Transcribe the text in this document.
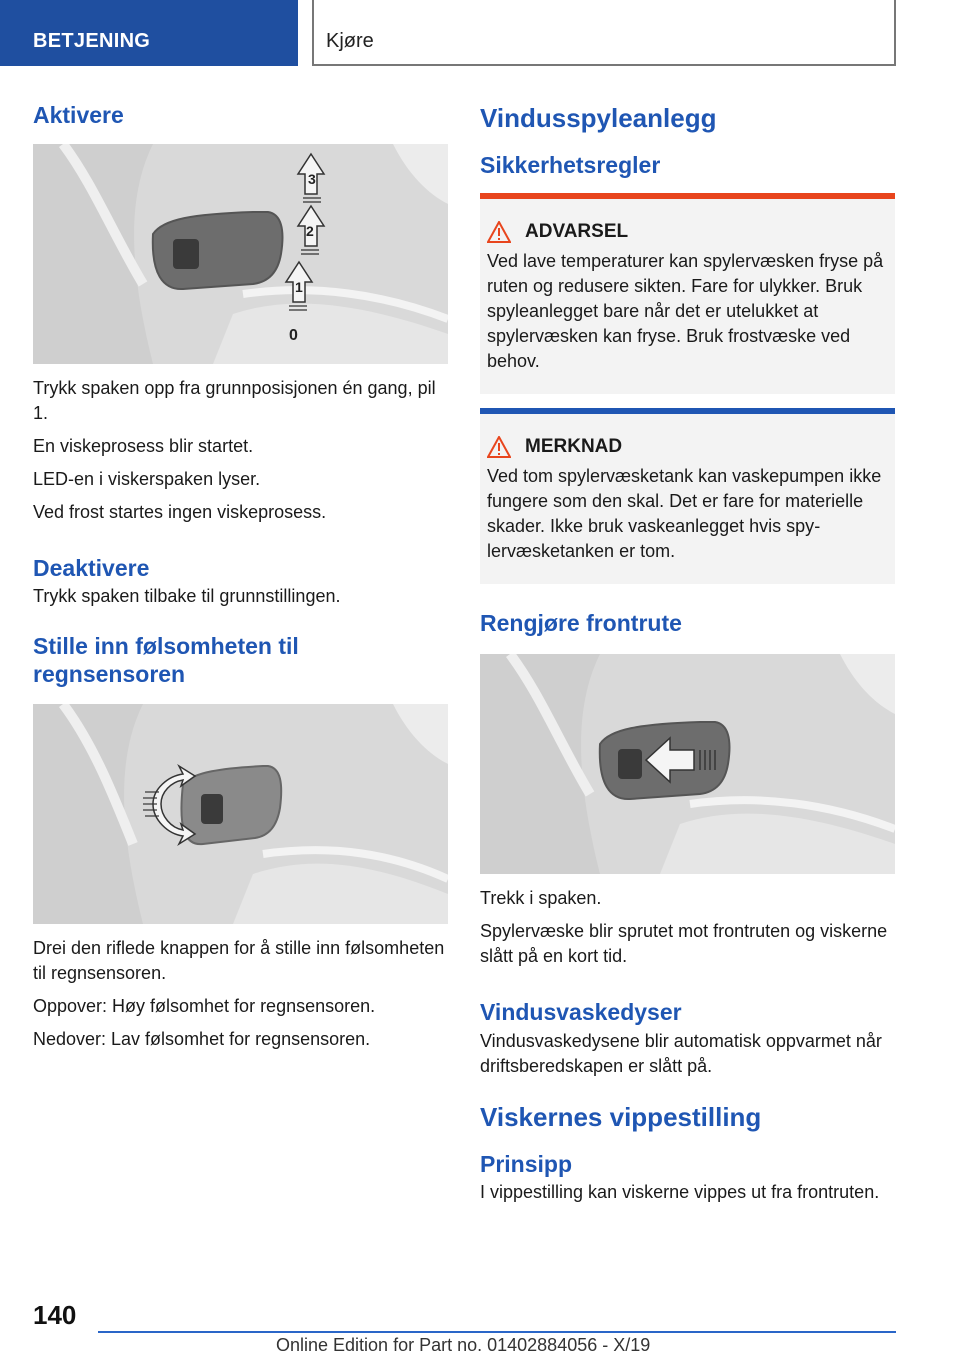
BETJENING	Kjøre
Aktivere
3
2
1
0

Trykk spaken opp fra grunnposisjonen én gang, pil 1.

En viskeprosess blir startet.

LED-en i viskerspaken lyser.

Ved frost startes ingen viskeprosess.

Deaktivere

Trykk spaken tilbake til grunnstillingen.

Stille inn følsomheten til regnsensoren

Drei den riflede knappen for å stille inn følsomheten til regnsensoren.

Oppover: Høy følsomhet for regnsensoren.

Nedover: Lav følsomhet for regnsensoren.

Vindusspyleanlegg
Sikkerhetsregler
ADVARSEL

Ved lave temperaturer kan spylervæsken fryse på ruten og redusere sikten. Fare for ulykker. Bruk spyleanlegget bare når det er utelukket at spylervæsken kan fryse. Bruk frostvæske ved behov.

MERKNAD

Ved tom spylervæsketank kan vaskepumpen ikke fungere som den skal. Det er fare for materielle skader. Ikke bruk vaskeanlegget hvis spylervæsketanken er tom.

Rengjøre frontrute

Trekk i spaken.

Spylervæske blir sprutet mot frontruten og viskerne slått på en kort tid.

Vindusvaskedyser

Vindusvaskedysene blir automatisk oppvarmet når driftsberedskapen er slått på.

Viskernes vippestilling
Prinsipp

I vippestilling kan viskerne vippes ut fra frontruten.

140
Online Edition for Part no. 01402884056 - X/19
